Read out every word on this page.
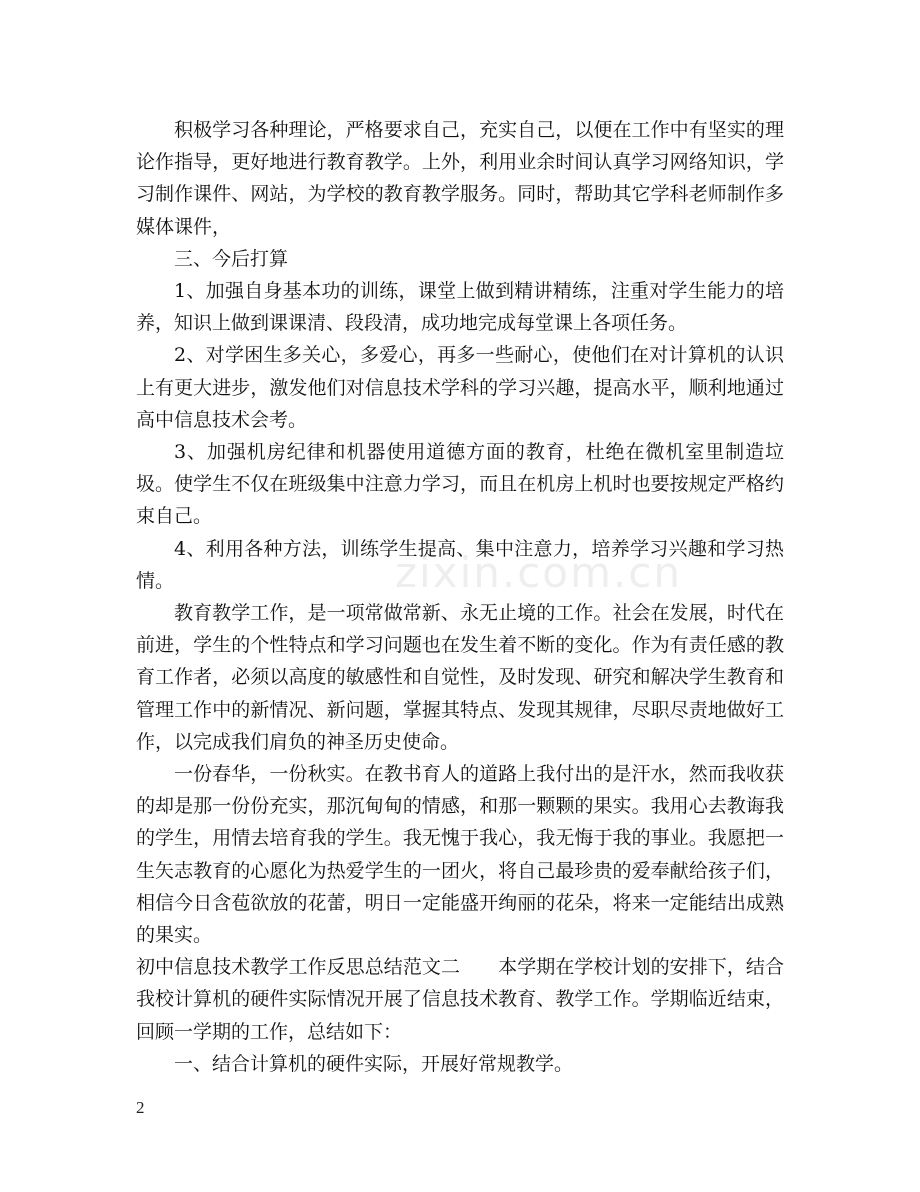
zixin.com.cn

积极学习各种理论，严格要求自己，充实自己，以便在工作中有坚实的理论作指导，更好地进行教育教学。上外，利用业余时间认真学习网络知识，学习制作课件、网站，为学校的教育教学服务。同时，帮助其它学科老师制作多媒体课件，

三、今后打算

1、加强自身基本功的训练，课堂上做到精讲精练，注重对学生能力的培养，知识上做到课课清、段段清，成功地完成每堂课上各项任务。

2、对学困生多关心，多爱心，再多一些耐心，使他们在对计算机的认识上有更大进步，激发他们对信息技术学科的学习兴趣，提高水平，顺利地通过高中信息技术会考。

3、加强机房纪律和机器使用道德方面的教育，杜绝在微机室里制造垃圾。使学生不仅在班级集中注意力学习，而且在机房上机时也要按规定严格约束自己。

4、利用各种方法，训练学生提高、集中注意力，培养学习兴趣和学习热情。

教育教学工作，是一项常做常新、永无止境的工作。社会在发展，时代在前进，学生的个性特点和学习问题也在发生着不断的变化。作为有责任感的教育工作者，必须以高度的敏感性和自觉性，及时发现、研究和解决学生教育和管理工作中的新情况、新问题，掌握其特点、发现其规律，尽职尽责地做好工作，以完成我们肩负的神圣历史使命。

一份春华，一份秋实。在教书育人的道路上我付出的是汗水，然而我收获的却是那一份份充实，那沉甸甸的情感，和那一颗颗的果实。我用心去教诲我的学生，用情去培育我的学生。我无愧于我心，我无悔于我的事业。我愿把一生矢志教育的心愿化为热爱学生的一团火，将自己最珍贵的爱奉献给孩子们，相信今日含苞欲放的花蕾，明日一定能盛开绚丽的花朵，将来一定能结出成熟的果实。

初中信息技术教学工作反思总结范文二　　本学期在学校计划的安排下，结合我校计算机的硬件实际情况开展了信息技术教育、教学工作。学期临近结束，回顾一学期的工作，总结如下：

一、结合计算机的硬件实际，开展好常规教学。

2
